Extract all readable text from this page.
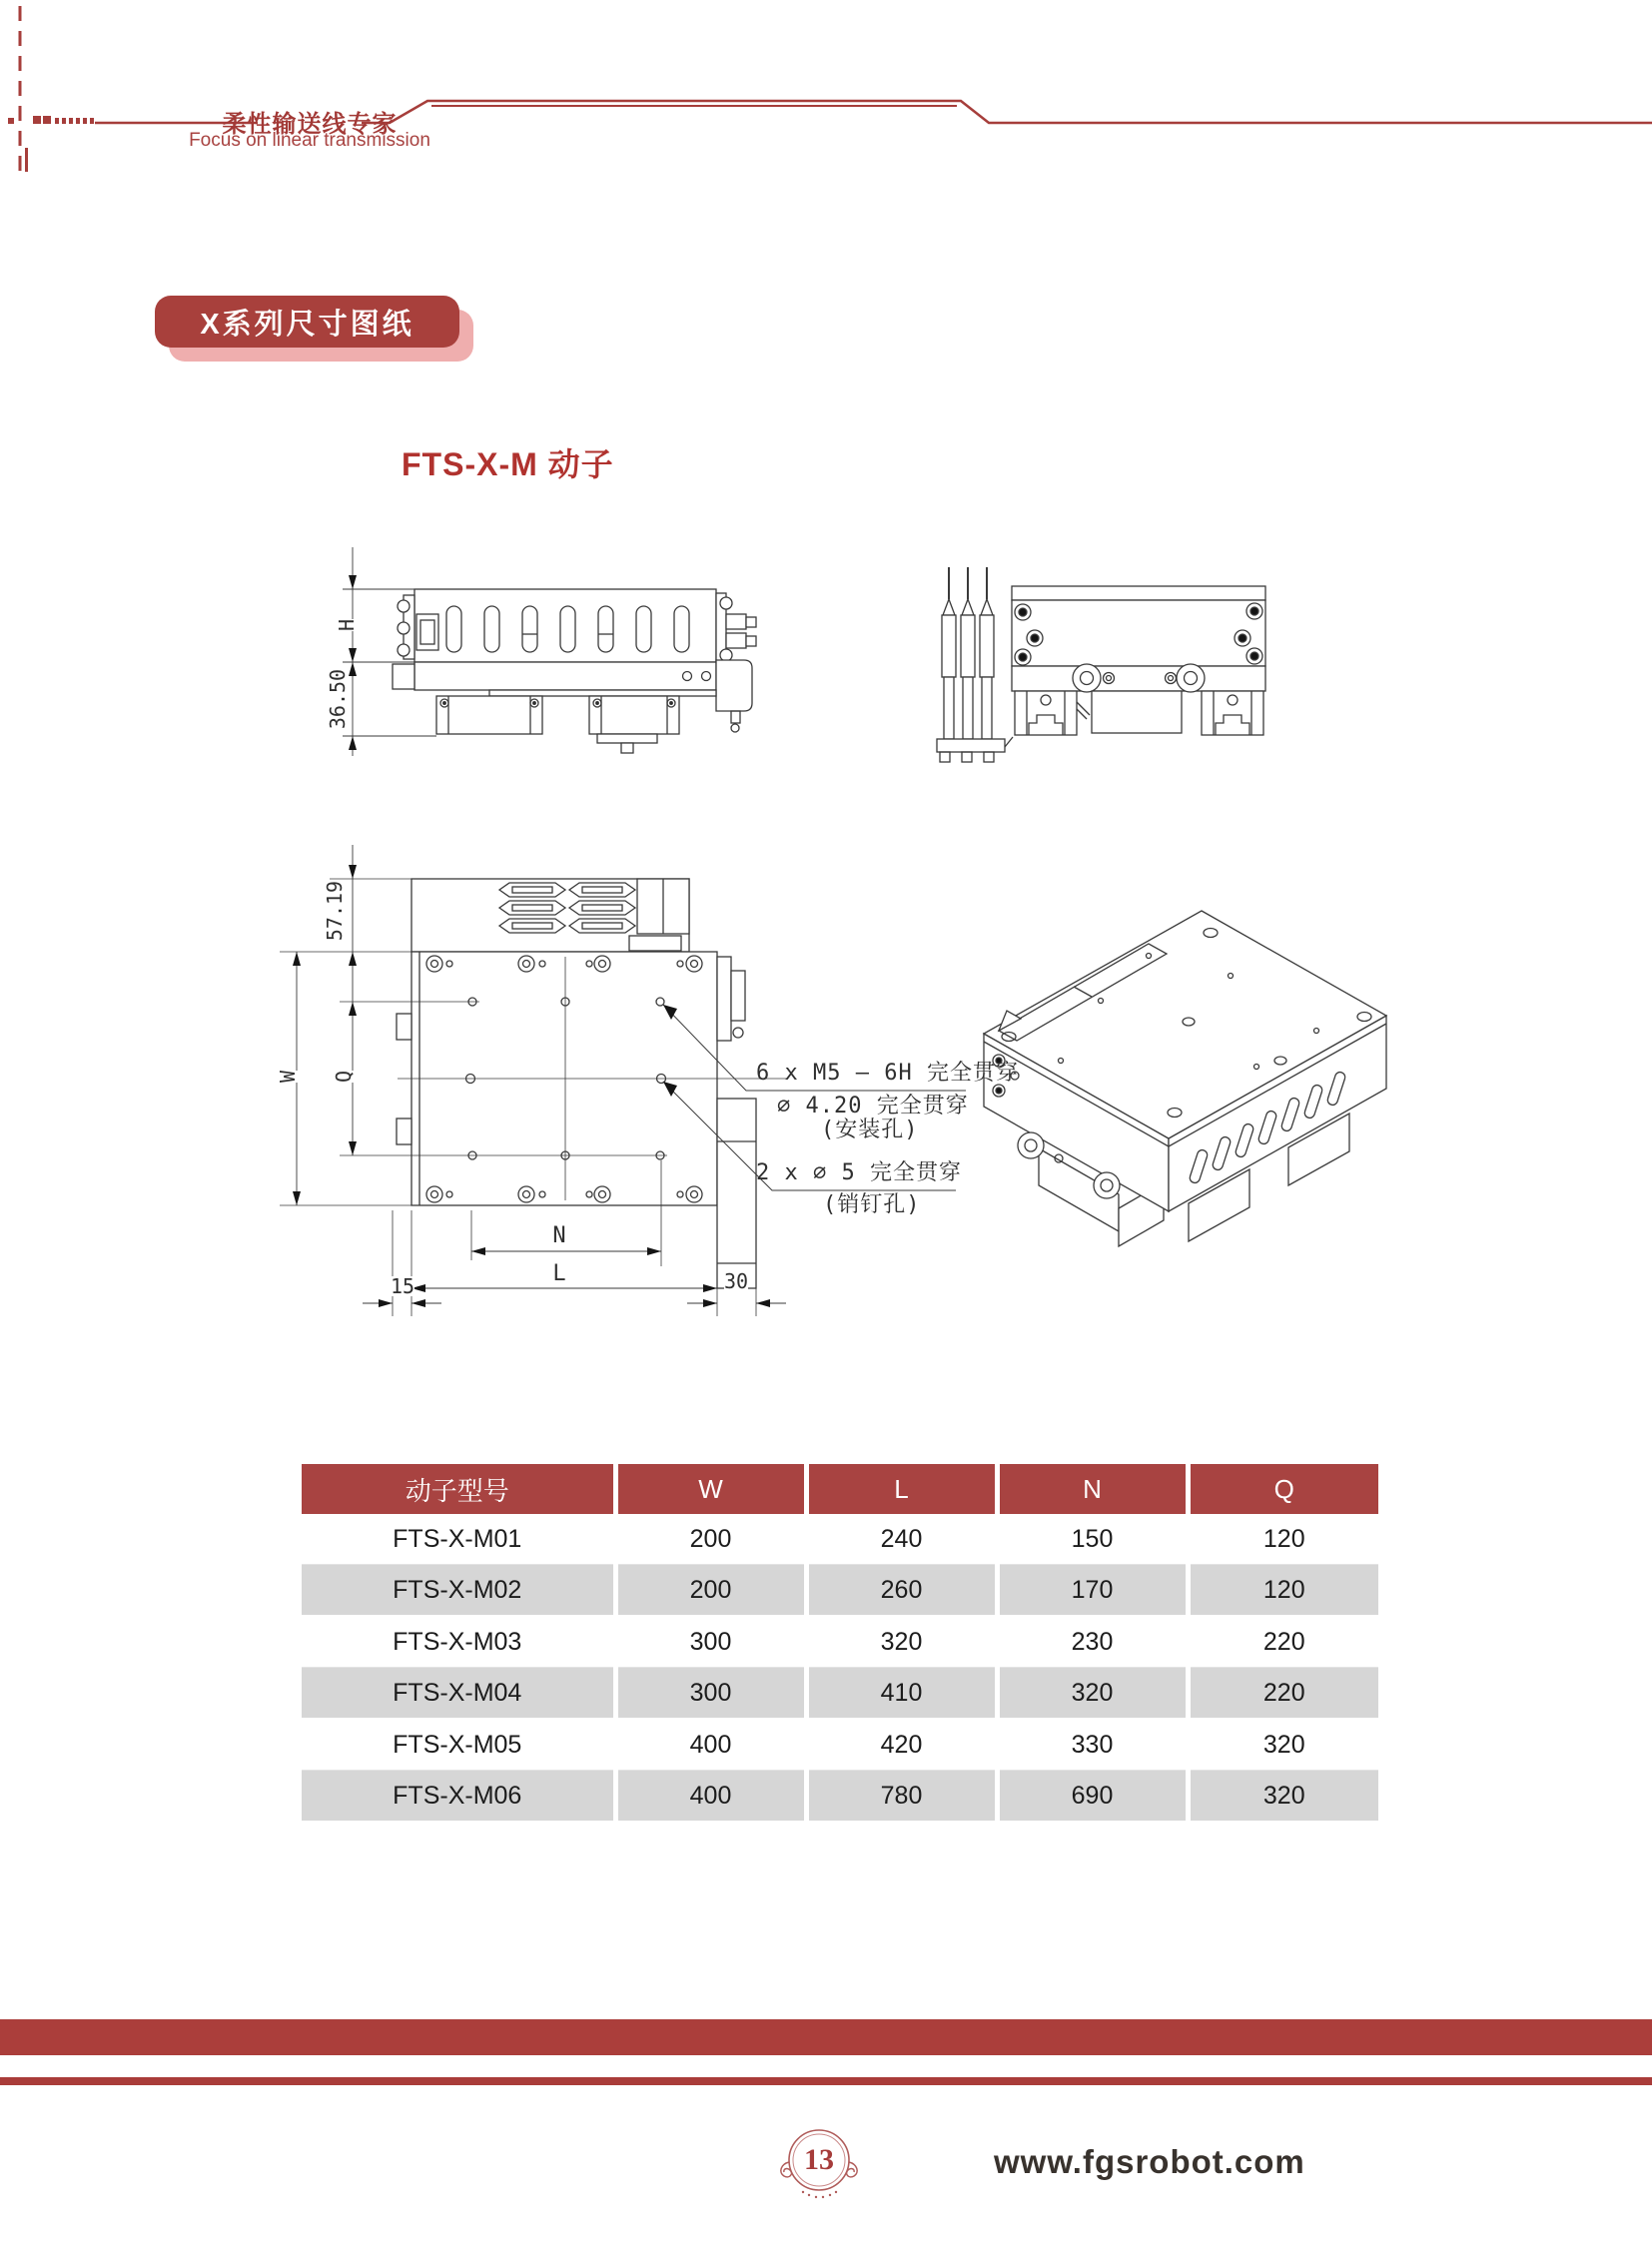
柔性输送线专家
Focus on linear transmission
X系列尺寸图纸
FTS-X-M 动子
H
36.50
57.19
W Q
N
L
15	30
6 x M5 – 6H 完全贯穿
∅ 4.20 完全贯穿
(安装孔)
2 x ∅ 5 完全贯穿
(销钉孔)
动子型号	W	L	N	Q
FTS-X-M01	200	240	150	120
FTS-X-M02	200	260	170	120
FTS-X-M03	300	320	230	220
FTS-X-M04	300	410	320	220
FTS-X-M05	400	420	330	320
FTS-X-M06	400	780	690	320
13	www.fgsrobot.com
